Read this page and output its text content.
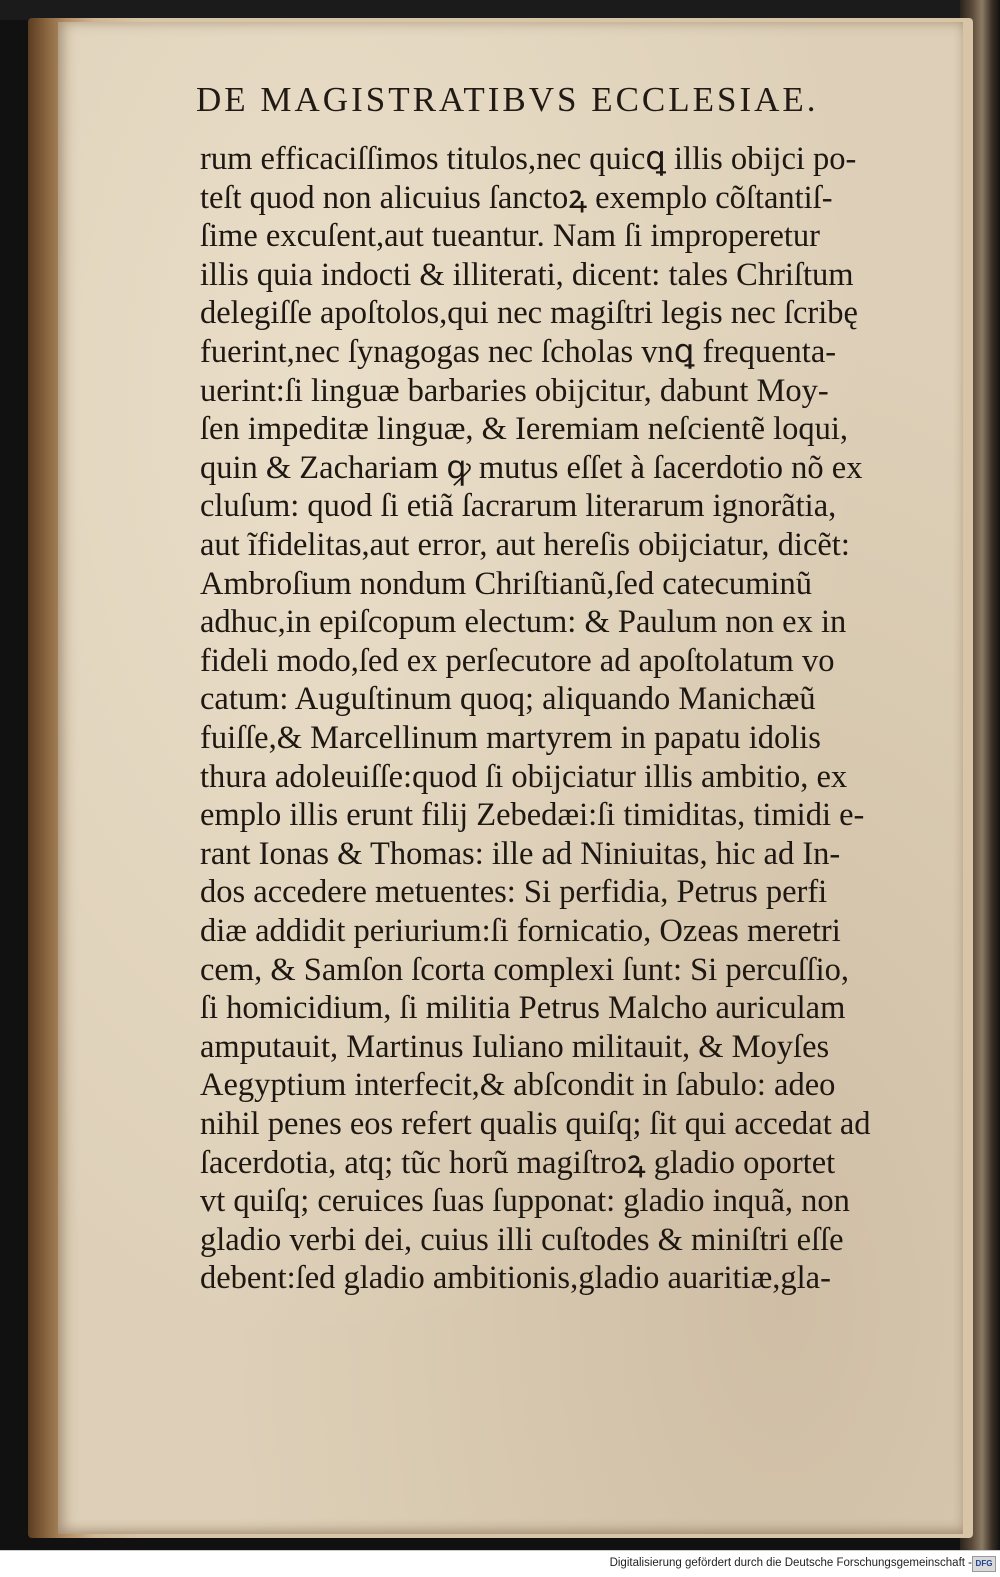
DE MAGISTRATIBVS ECCLESIAE.
rum efficaciſſimos titulos,nec quicꝗ illis obijci po-
teſt quod non alicuius ſanctoꝝ exemplo cõſtantiſ-
ſime excuſent,aut tueantur. Nam ſi improperetur
illis quia indocti & illiterati, dicent: tales Chriſtum
delegiſſe apoſtolos,qui nec magiſtri legis nec ſcribę
fuerint,nec ſynagogas nec ſcholas vnꝗ frequenta-
uerint:ſi linguæ barbaries obijcitur, dabunt Moy-
ſen impeditæ linguæ, & Ieremiam neſcientẽ loqui,
quin & Zachariam ꝙ mutus eſſet à ſacerdotio nõ ex
cluſum: quod ſi etiã ſacrarum literarum ignorãtia,
aut ĩfidelitas,aut error, aut hereſis obijciatur, dicẽt:
Ambroſium nondum Chriſtianũ,ſed catecuminũ
adhuc,in epiſcopum electum: & Paulum non ex in
fideli modo,ſed ex perſecutore ad apoſtolatum vo
catum: Auguſtinum quoq; aliquando Manichæũ
fuiſſe,& Marcellinum martyrem in papatu idolis
thura adoleuiſſe:quod ſi obijciatur illis ambitio, ex
emplo illis erunt filij Zebedæi:ſi timiditas, timidi e-
rant Ionas & Thomas: ille ad Niniuitas, hic ad In-
dos accedere metuentes: Si perfidia, Petrus perfi
diæ addidit periurium:ſi fornicatio, Ozeas meretri
cem, & Samſon ſcorta complexi ſunt: Si percuſſio,
ſi homicidium, ſi militia Petrus Malcho auriculam
amputauit, Martinus Iuliano militauit, & Moyſes
Aegyptium interfecit,& abſcondit in ſabulo: adeo
nihil penes eos refert qualis quiſq; ſit qui accedat ad
ſacerdotia, atq; tũc horũ magiſtroꝝ gladio oportet
vt quiſq; ceruices ſuas ſupponat: gladio inquã, non
gladio verbi dei, cuius illi cuſtodes & miniſtri eſſe
debent:ſed gladio ambitionis,gladio auaritiæ,gla-
Digitalisierung gefördert durch die Deutsche Forschungsgemeinschaft - DFG
